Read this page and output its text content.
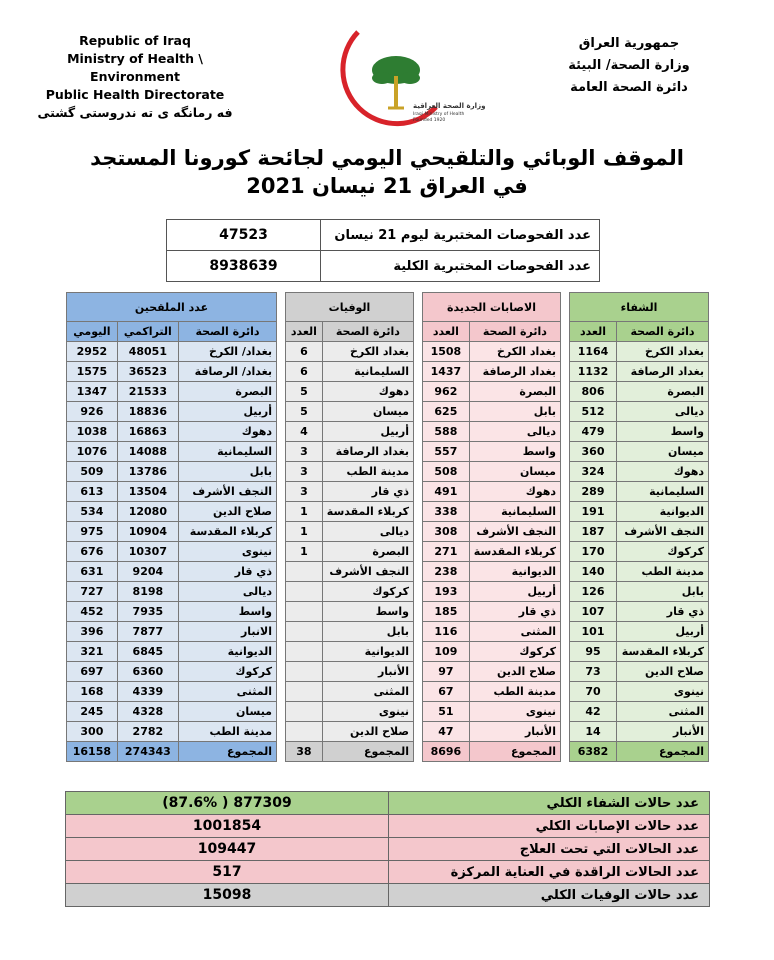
Republic of Iraq
Ministry of Health \ Environment
Public Health Directorate
فه رمانگه ى ته ندروستى گشتى	وزارة الصحة العراقية
Iraqi Ministry of Health
Founded 1920
جمهورية العراق
وزارة الصحة/ البيئة
دائرة الصحة العامة
الموقف الوبائي والتلقيحي اليومي لجائحة كورونا المستجد
في العراق 21 نيسان 2021
47523	عدد الفحوصات المختبرية ليوم 21 نيسان
8938639	عدد الفحوصات المختبرية الكلية
الشفاء	
العدد	دائرة الصحة
1164	بغداد الكرخ
1132	بغداد الرصافة
806	البصرة
512	ديالى
479	واسط
360	ميسان
324	دهوك
289	السليمانية
191	الديوانية
187	النجف الأشرف
170	كركوك
140	مدينة الطب
126	بابل
107	ذي قار
101	أربيل
95	كربلاء المقدسة
73	صلاح الدين
70	نينوى
42	المثنى
14	الأنبار
6382	المجموع
الاصابات الجديدة	
العدد	دائرة الصحة
1508	بغداد الكرخ
1437	بغداد الرصافة
962	البصرة
625	بابل
588	ديالى
557	واسط
508	ميسان
491	دهوك
338	السليمانية
308	النجف الأشرف
271	كربلاء المقدسة
238	الديوانية
193	أربيل
185	ذي قار
116	المثنى
109	كركوك
97	صلاح الدين
67	مدينة الطب
51	نينوى
47	الأنبار
8696	المجموع
الوفيات	
العدد	دائرة الصحة
6	بغداد الكرخ
6	السليمانية
5	دهوك
5	ميسان
4	أربيل
3	بغداد الرصافة
3	مدينة الطب
3	ذي قار
1	كربلاء المقدسة
1	ديالى
1	البصرة
	النجف الأشرف
	كركوك
	واسط
	بابل
	الديوانية
	الأنبار
	المثنى
	نينوى
	صلاح الدين
38	المجموع
عدد الملقحين		
اليومي	التراكمي	دائرة الصحة
2952	48051	بغداد/ الكرخ
1575	36523	بغداد/ الرصافة
1347	21533	البصرة
926	18836	أربيل
1038	16863	دهوك
1076	14088	السليمانية
509	13786	بابل
613	13504	النجف الأشرف
534	12080	صلاح الدين
975	10904	كربلاء المقدسة
676	10307	نينوى
631	9204	ذي قار
727	8198	ديالى
452	7935	واسط
396	7877	الانبار
321	6845	الديوانية
697	6360	كركوك
168	4339	المثنى
245	4328	ميسان
300	2782	مدينة الطب
16158	274343	المجموع
(87.6% ) 877309	عدد حالات الشفاء الكلي
1001854	عدد حالات الإصابات الكلي
109447	عدد الحالات التي تحت العلاج
517	عدد الحالات الراقدة في العناية المركزة
15098	عدد حالات الوفيات الكلي
